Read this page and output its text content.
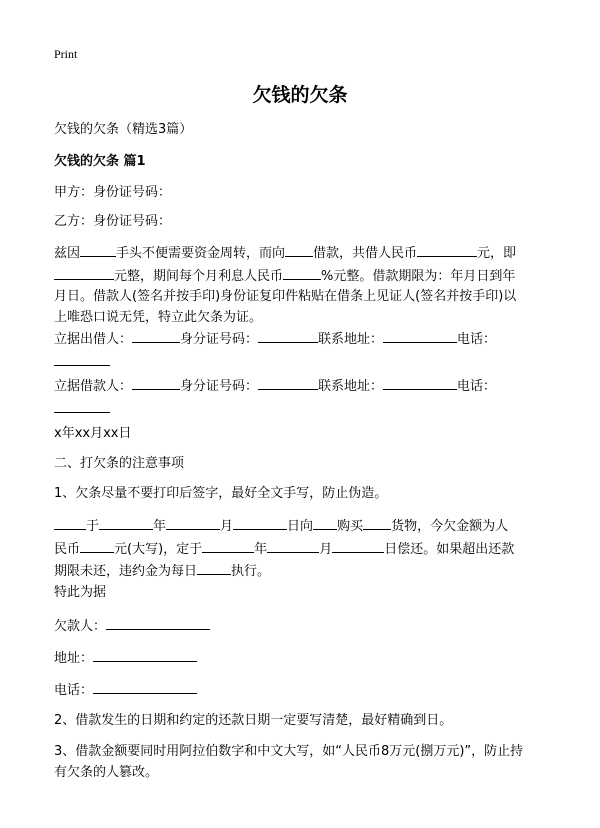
Print
欠钱的欠条
欠钱的欠条（精选3篇）
欠钱的欠条 篇1
甲方：身份证号码：
乙方：身份证号码：
兹因	手头不便需要资金周转，而向 借款，共借人民币	元，即
元整，期间每个月利息人民币	%元整。借款期限为：年月日到年
月日。借款人(签名并按手印)身份证复印件粘贴在借条上见证人(签名并按手印)以
上唯恐口说无凭，特立此欠条为证。
立据出借人：	身分证号码：	联系地址：	电话：
立据借款人：	身分证号码：	联系地址：	电话：
x年xx月xx日
二、打欠条的注意事项
1、欠条尽量不要打印后签字，最好全文手写，防止伪造。
于	年	月	日向 购买 货物，今欠金额为人
民币	元(大写)，定于	年	月	日偿还。如果超出还款
期限未还，违约金为每日	执行。
特此为据
欠款人：
地址：
电话：
2、借款发生的日期和约定的还款日期一定要写清楚，最好精确到日。
3、借款金额要同时用阿拉伯数字和中文大写，如“人民币8万元(捌万元)”，防止持
有欠条的人篡改。
